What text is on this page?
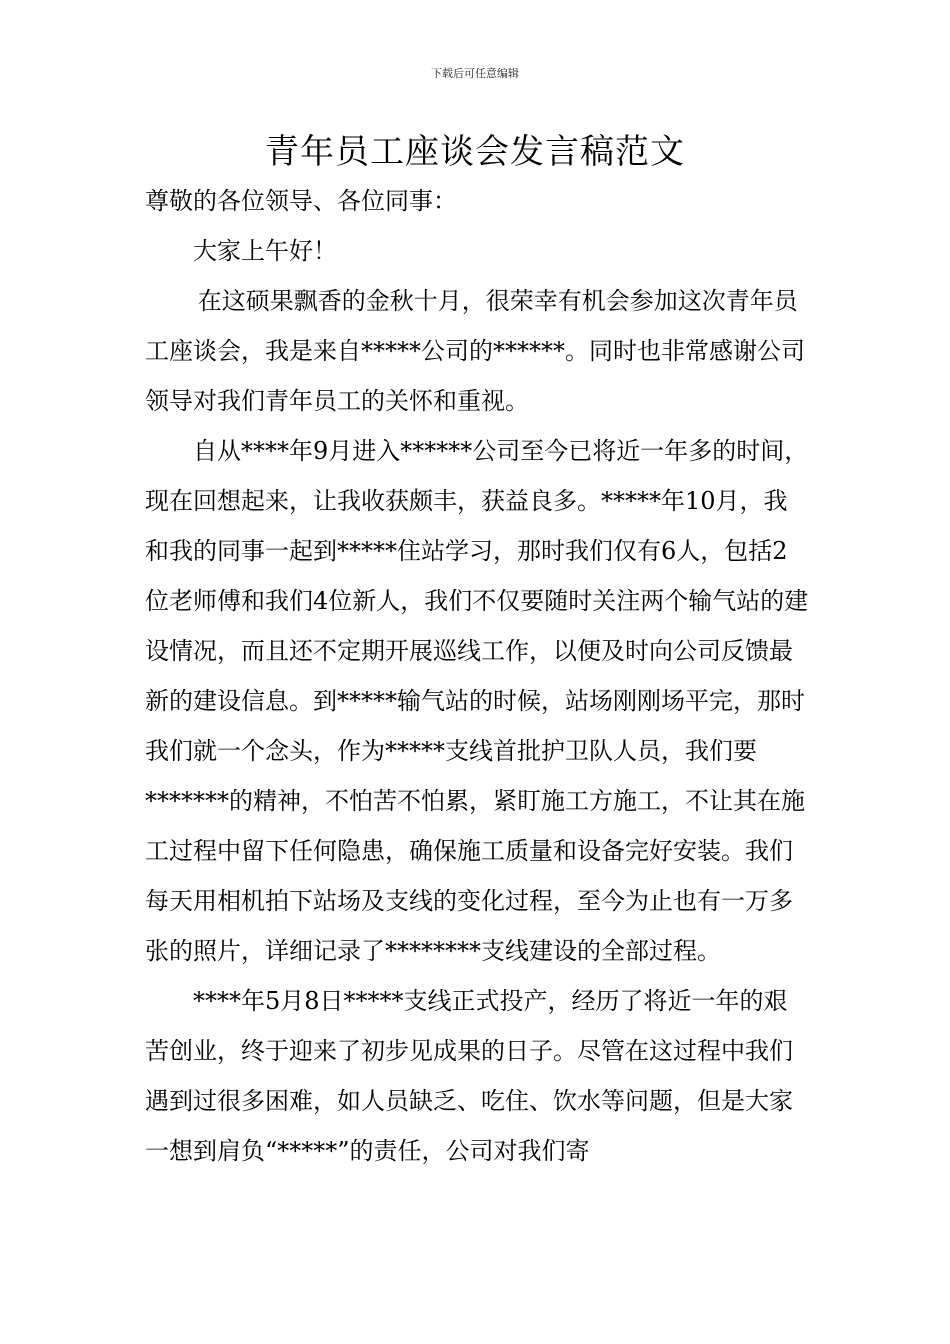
下载后可任意编辑
青年员工座谈会发言稿范文

尊敬的各位领导、各位同事：

大家上午好！

在这硕果飘香的金秋十月，很荣幸有机会参加这次青年员工座谈会，我是来自*****公司的******。同时也非常感谢公司领导对我们青年员工的关怀和重视。

自从****年9月进入******公司至今已将近一年多的时间，现在回想起来，让我收获颇丰，获益良多。*****年10月，我和我的同事一起到*****住站学习，那时我们仅有6人，包括2位老师傅和我们4位新人，我们不仅要随时关注两个输气站的建设情况，而且还不定期开展巡线工作，以便及时向公司反馈最新的建设信息。到*****输气站的时候，站场刚刚场平完，那时我们就一个念头，作为*****支线首批护卫队人员，我们要*******的精神，不怕苦不怕累，紧盯施工方施工，不让其在施工过程中留下任何隐患，确保施工质量和设备完好安装。我们每天用相机拍下站场及支线的变化过程，至今为止也有一万多张的照片，详细记录了********支线建设的全部过程。

****年5月8日*****支线正式投产，经历了将近一年的艰苦创业，终于迎来了初步见成果的日子。尽管在这过程中我们遇到过很多困难，如人员缺乏、吃住、饮水等问题，但是大家一想到肩负“*****”的责任，公司对我们寄
